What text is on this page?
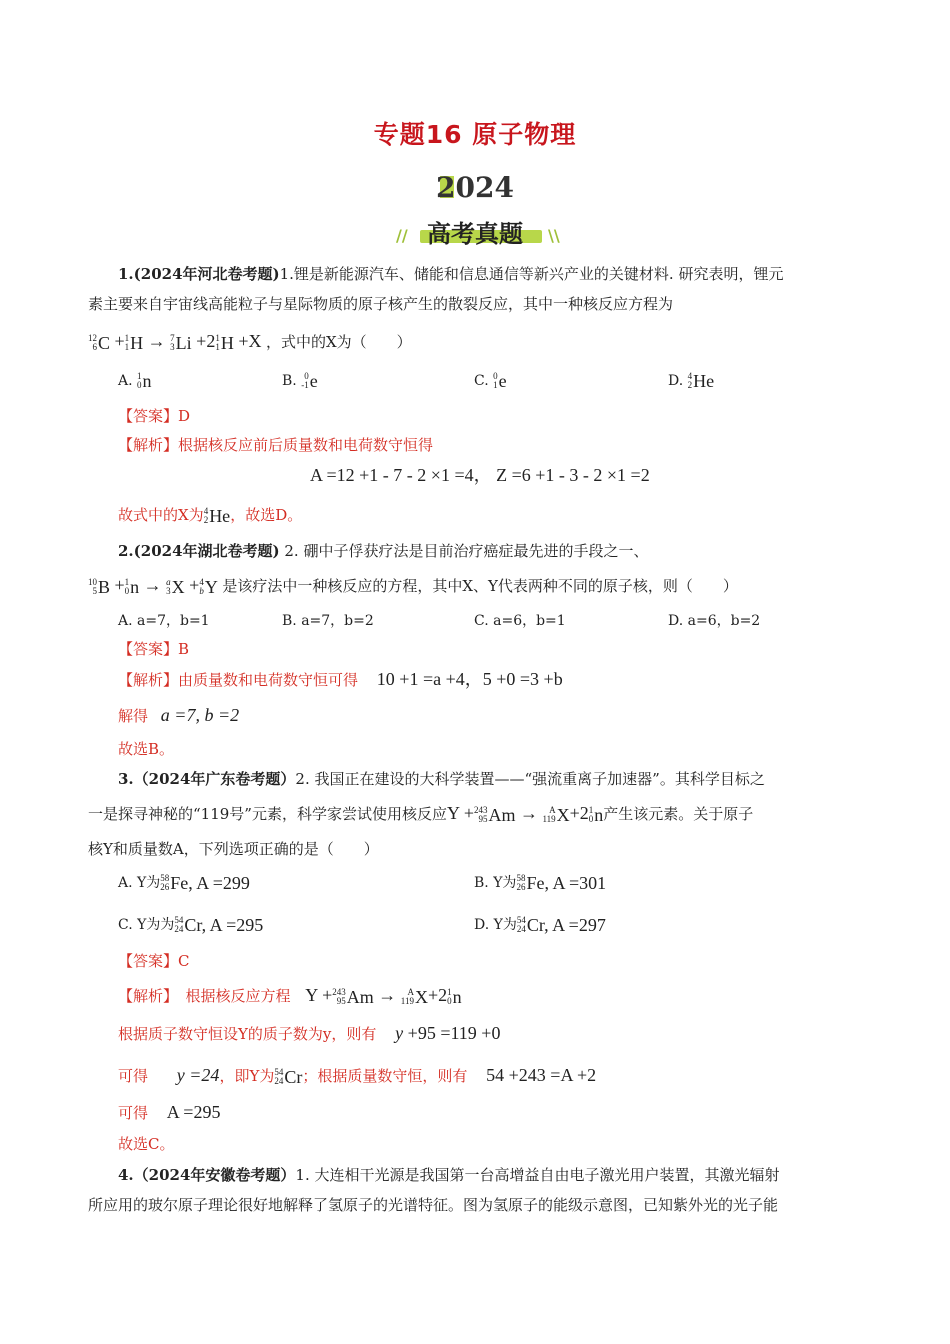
专题16 原子物理
2024
//	\\
高考真题
1.(2024年河北卷考题)1.锂是新能源汽车、储能和信息通信等新兴产业的关键材料. 研究表明，锂元
素主要来自宇宙线高能粒子与星际物质的原子核产生的散裂反应，其中一种核反应方程为
12
6 C + 1
1 H → 7
3 Li +2 1
1 H +X ，式中的X为（　　）
A. 1
0 n	B. 0
-1 e	C. 0
1 e	D. 4
2 He
【答案】D
【解析】根据核反应前后质量数和电荷数守恒得
A =12 +1 - 7 - 2 ×1 =4， Z =6 +1 - 3 - 2 ×1 =2
故式中的X为 4
2 He，故选D。
2.(2024年湖北卷考题) 2. 硼中子俘获疗法是目前治疗癌症最先进的手段之一、
10
5 B + 1
0 n → a
3 X + 4
b Y 是该疗法中一种核反应的方程，其中X、Y代表两种不同的原子核，则（　　）
A. a=7，b=1	B. a=7，b=2	C. a=6，b=1	D. a=6，b=2
【答案】B
【解析】由质量数和电荷数守恒可得 10 +1 =a +4，5 +0 =3 +b
解得 a =7, b =2
故选B。
3.（2024年广东卷考题）2. 我国正在建设的大科学装置——“强流重离子加速器”。其科学目标之
一是探寻神秘的“119号”元素，科学家尝试使用核反应Y + 243
95 Am → A
119 X+2 1
0 n产生该元素。关于原子
核Y和质量数A，下列选项正确的是（　　）
A. Y为 58
26 Fe, A =299	B. Y为 58
26 Fe, A =301
C. Y为为 54
24 Cr, A =295	D. Y为 54
24 Cr, A =297
【答案】C
【解析】　根据核反应方程 Y + 243
95 Am → A
119 X+2 1
0 n
根据质子数守恒设Y的质子数为y，则有 y +95 =119 +0
可得 y =24，即Y为 54
24 Cr；根据质量数守恒，则有 54 +243 =A +2
可得 A =295
故选C。
4.（2024年安徽卷考题）1. 大连相干光源是我国第一台高增益自由电子激光用户装置，其激光辐射
所应用的玻尔原子理论很好地解释了氢原子的光谱特征。图为氢原子的能级示意图，已知紫外光的光子能
